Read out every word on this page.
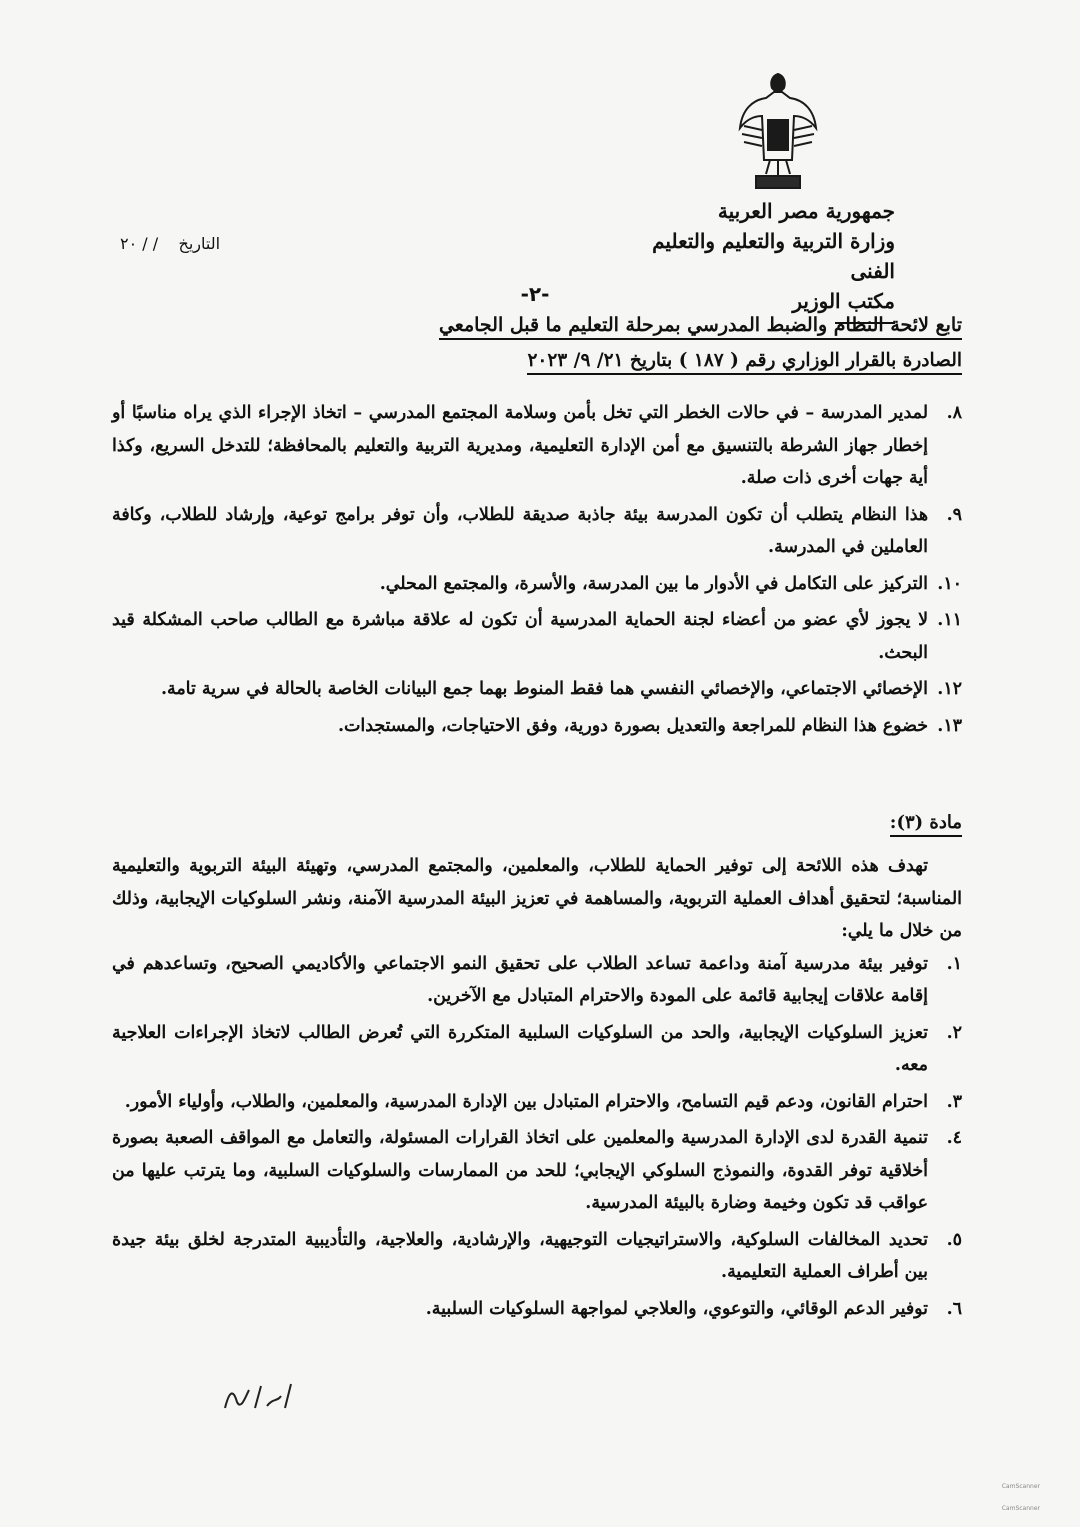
جمهورية مصر العربية
وزارة التربية والتعليم والتعليم الفنى
مكتب الوزير
التاريخ    / / ٢٠
-٢-
تابع لائحة النظام والضبط المدرسي بمرحلة التعليم ما قبل الجامعي
الصادرة بالقرار الوزاري رقم ( ١٨٧ ) بتاريخ ٢١/ ٩/ ٢٠٢٣
٨.
لمدير المدرسة – في حالات الخطر التي تخل بأمن وسلامة المجتمع المدرسي – اتخاذ الإجراء الذي يراه مناسبًا أو إخطار جهاز الشرطة بالتنسيق مع أمن الإدارة التعليمية، ومديرية التربية والتعليم بالمحافظة؛ للتدخل السريع، وكذا أية جهات أخرى ذات صلة.
٩.
هذا النظام يتطلب أن تكون المدرسة بيئة جاذبة صديقة للطلاب، وأن توفر برامج توعية، وإرشاد للطلاب، وكافة العاملين في المدرسة.
١٠.
التركيز على التكامل في الأدوار ما بين المدرسة، والأسرة، والمجتمع المحلي.
١١.
لا يجوز لأي عضو من أعضاء لجنة الحماية المدرسية أن تكون له علاقة مباشرة مع الطالب صاحب المشكلة قيد البحث.
١٢.
الإخصائي الاجتماعي، والإخصائي النفسي هما فقط المنوط بهما جمع البيانات الخاصة بالحالة في سرية تامة.
١٣.
خضوع هذا النظام للمراجعة والتعديل بصورة دورية، وفق الاحتياجات، والمستجدات.
مادة (٣):

تهدف هذه اللائحة إلى توفير الحماية للطلاب، والمعلمين، والمجتمع المدرسي، وتهيئة البيئة التربوية والتعليمية المناسبة؛ لتحقيق أهداف العملية التربوية، والمساهمة في تعزيز البيئة المدرسية الآمنة، ونشر السلوكيات الإيجابية، وذلك من خلال ما يلي:

١.
توفير بيئة مدرسية آمنة وداعمة تساعد الطلاب على تحقيق النمو الاجتماعي والأكاديمي الصحيح، وتساعدهم في إقامة علاقات إيجابية قائمة على المودة والاحترام المتبادل مع الآخرين.
٢.
تعزيز السلوكيات الإيجابية، والحد من السلوكيات السلبية المتكررة التي تُعرض الطالب لاتخاذ الإجراءات العلاجية معه.
٣.
احترام القانون، ودعم قيم التسامح، والاحترام المتبادل بين الإدارة المدرسية، والمعلمين، والطلاب، وأولياء الأمور.
٤.
تنمية القدرة لدى الإدارة المدرسية والمعلمين على اتخاذ القرارات المسئولة، والتعامل مع المواقف الصعبة بصورة أخلاقية توفر القدوة، والنموذج السلوكي الإيجابي؛ للحد من الممارسات والسلوكيات السلبية، وما يترتب عليها من عواقب قد تكون وخيمة وضارة بالبيئة المدرسية.
٥.
تحديد المخالفات السلوكية، والاستراتيجيات التوجيهية، والإرشادية، والعلاجية، والتأديبية المتدرجة لخلق بيئة جيدة بين أطراف العملية التعليمية.
٦.
توفير الدعم الوقائي، والتوعوي، والعلاجي لمواجهة السلوكيات السلبية.
CamScanner
CamScanner
